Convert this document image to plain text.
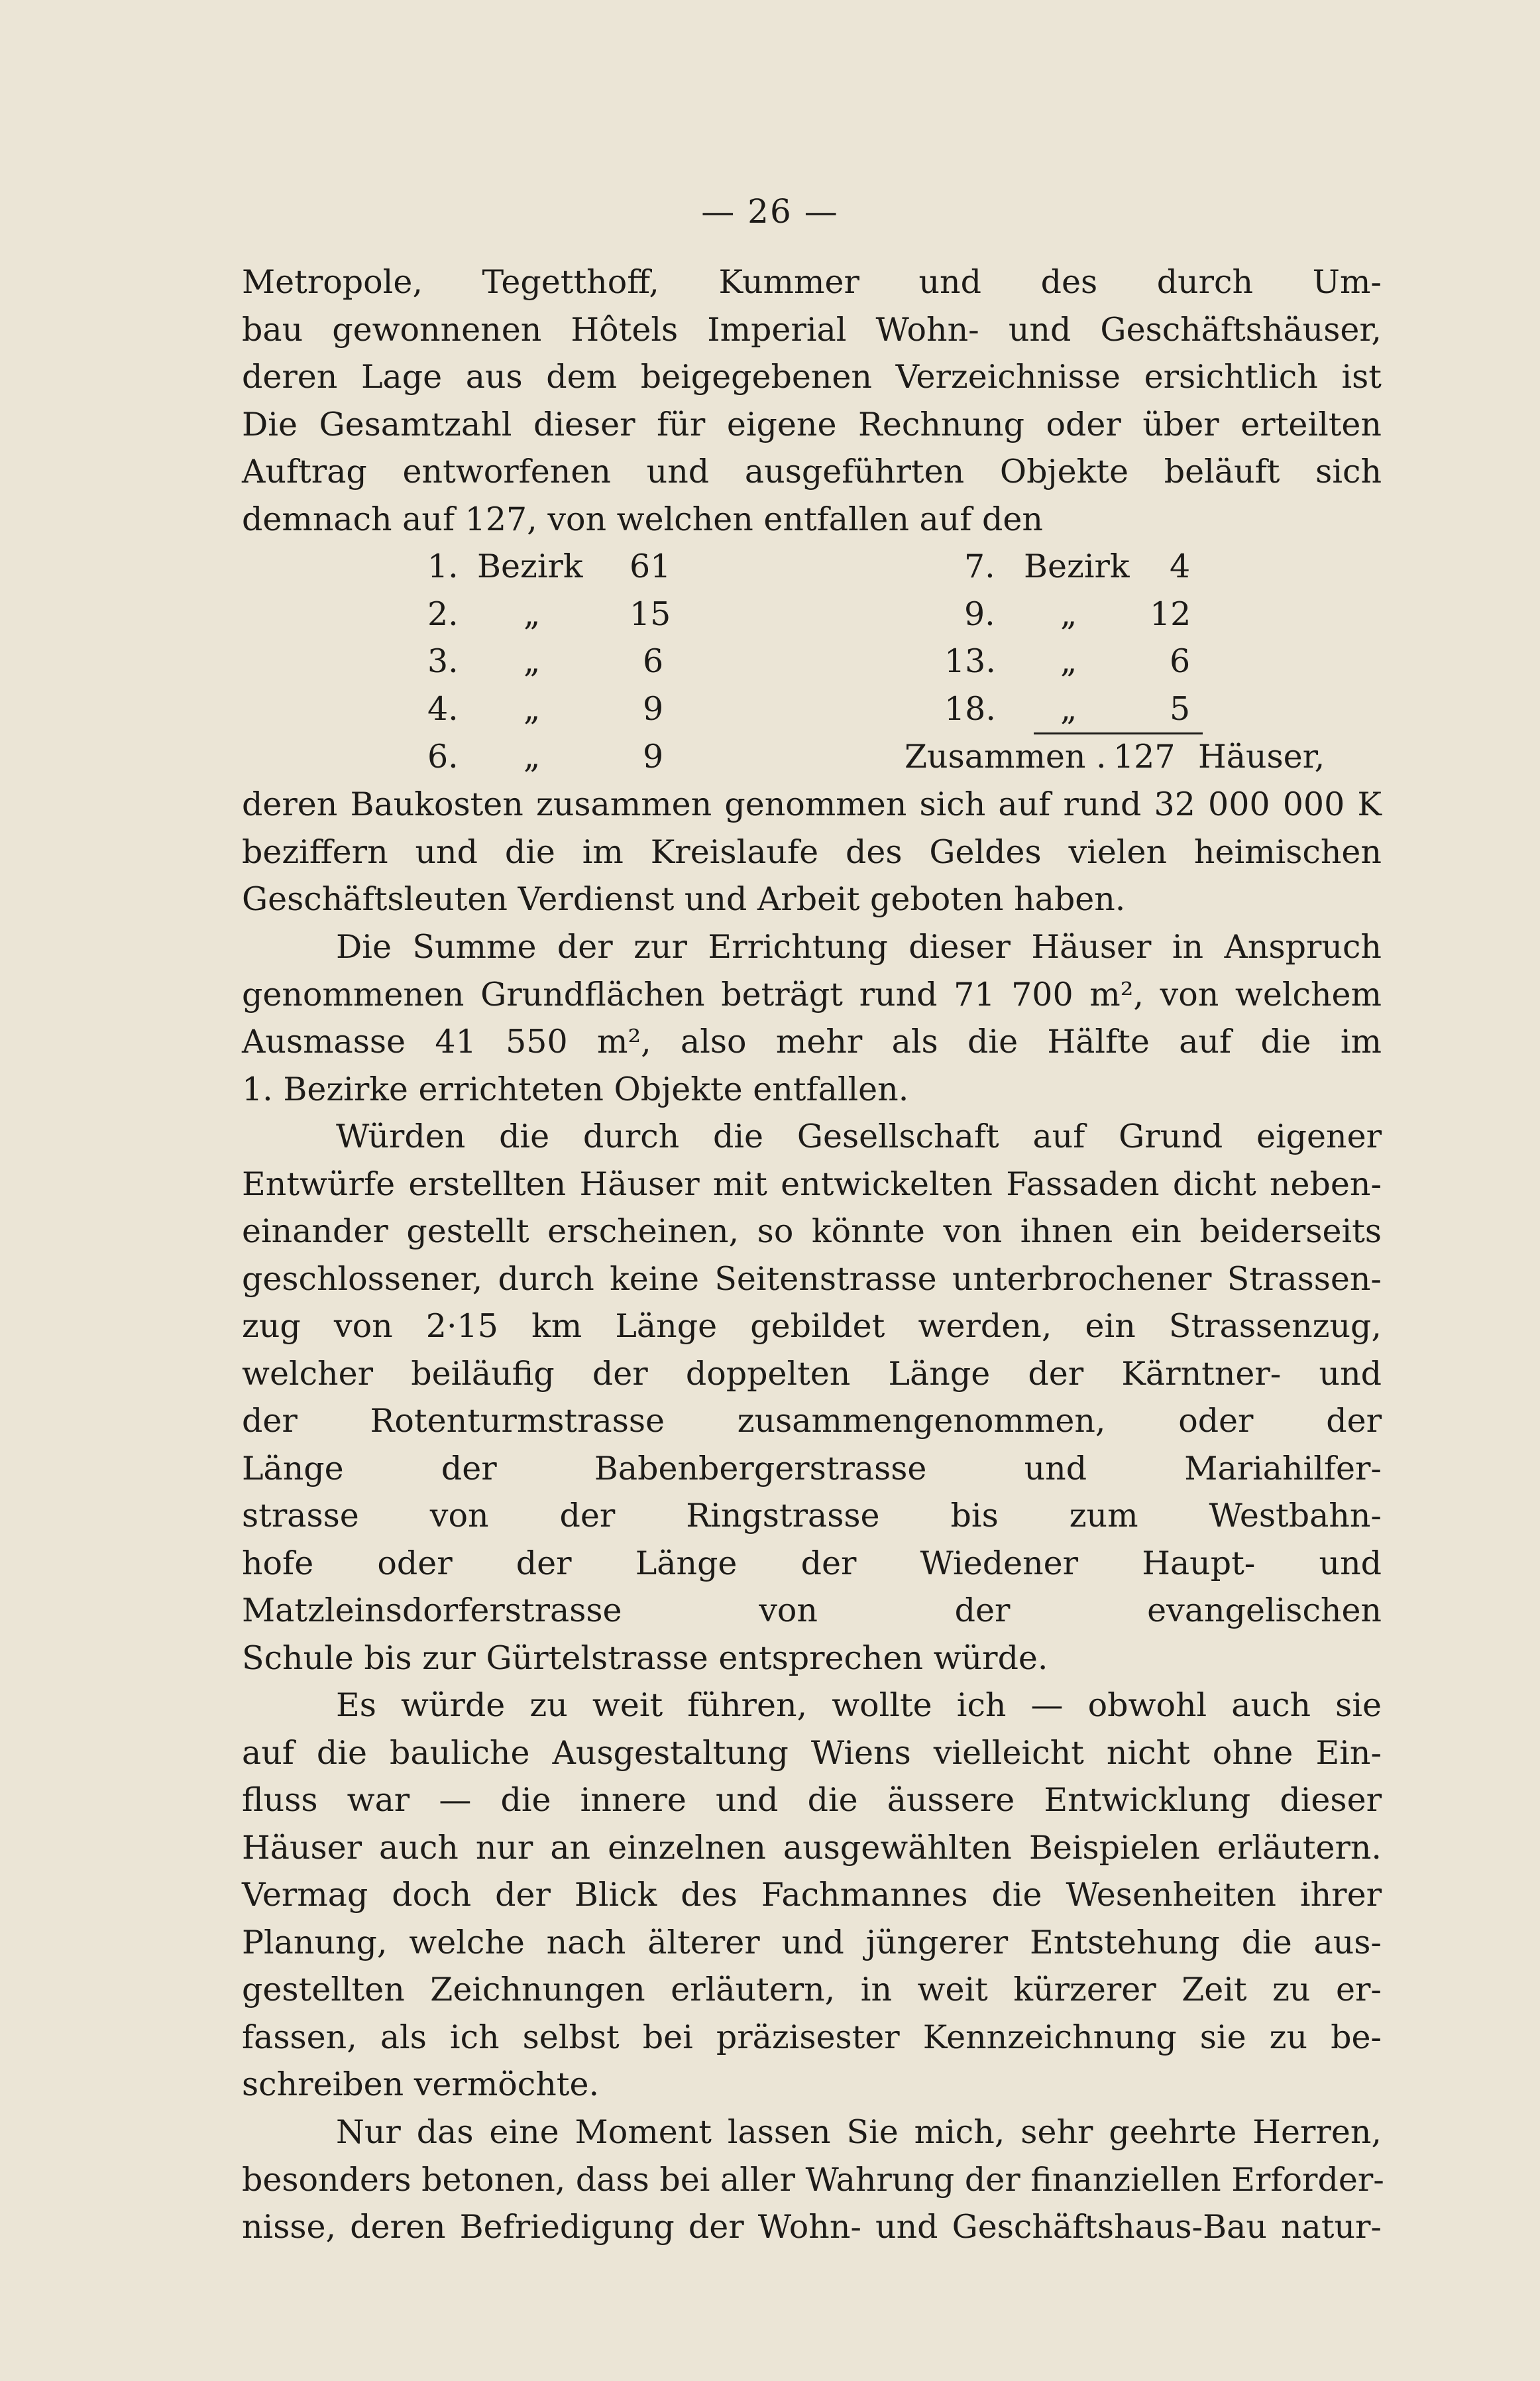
— 26 —
Metropole, Tegetthoff, Kummer und des durch Um-
bau gewonnenen Hôtels Imperial Wohn- und Geschäftshäuser,
deren Lage aus dem beigegebenen Verzeichnisse ersichtlich ist
Die Gesamtzahl dieser für eigene Rechnung oder über erteilten
Auftrag entworfenen und ausgeführten Objekte beläuft sich
demnach auf 127, von welchen entfallen auf den
1. Bezirk 61	7. Bezirk 4
2. „	15	9. „ 12
3. „	6	13. „	6
4. „	9	18. „	5
6. „	9	Zusammen . 127 Häuser,
deren Baukosten zusammen genommen sich auf rund 32 000 000 K
beziffern und die im Kreislaufe des Geldes vielen heimischen
Geschäftsleuten Verdienst und Arbeit geboten haben.
Die Summe der zur Errichtung dieser Häuser in Anspruch
genommenen Grundflächen beträgt rund 71 700 m², von welchem
Ausmasse 41 550 m², also mehr als die Hälfte auf die im
1. Bezirke errichteten Objekte entfallen.
Würden die durch die Gesellschaft auf Grund eigener
Entwürfe erstellten Häuser mit entwickelten Fassaden dicht neben-
einander gestellt erscheinen, so könnte von ihnen ein beiderseits
geschlossener, durch keine Seitenstrasse unterbrochener Strassen-
zug von 2·15 km Länge gebildet werden, ein Strassenzug,
welcher beiläufig der doppelten Länge der Kärntner- und
der Rotenturmstrasse zusammengenommen, oder der
Länge der Babenbergerstrasse und Mariahilfer-
strasse von der Ringstrasse bis zum Westbahn-
hofe oder der Länge der Wiedener Haupt- und
Matzleinsdorferstrasse von der evangelischen
Schule bis zur Gürtelstrasse entsprechen würde.
Es würde zu weit führen, wollte ich — obwohl auch sie
auf die bauliche Ausgestaltung Wiens vielleicht nicht ohne Ein-
fluss war — die innere und die äussere Entwicklung dieser
Häuser auch nur an einzelnen ausgewählten Beispielen erläutern.
Vermag doch der Blick des Fachmannes die Wesenheiten ihrer
Planung, welche nach älterer und jüngerer Entstehung die aus-
gestellten Zeichnungen erläutern, in weit kürzerer Zeit zu er-
fassen, als ich selbst bei präzisester Kennzeichnung sie zu be-
schreiben vermöchte.
Nur das eine Moment lassen Sie mich, sehr geehrte Herren,
besonders betonen, dass bei aller Wahrung der finanziellen Erforder-
nisse, deren Befriedigung der Wohn- und Geschäftshaus-Bau natur-
